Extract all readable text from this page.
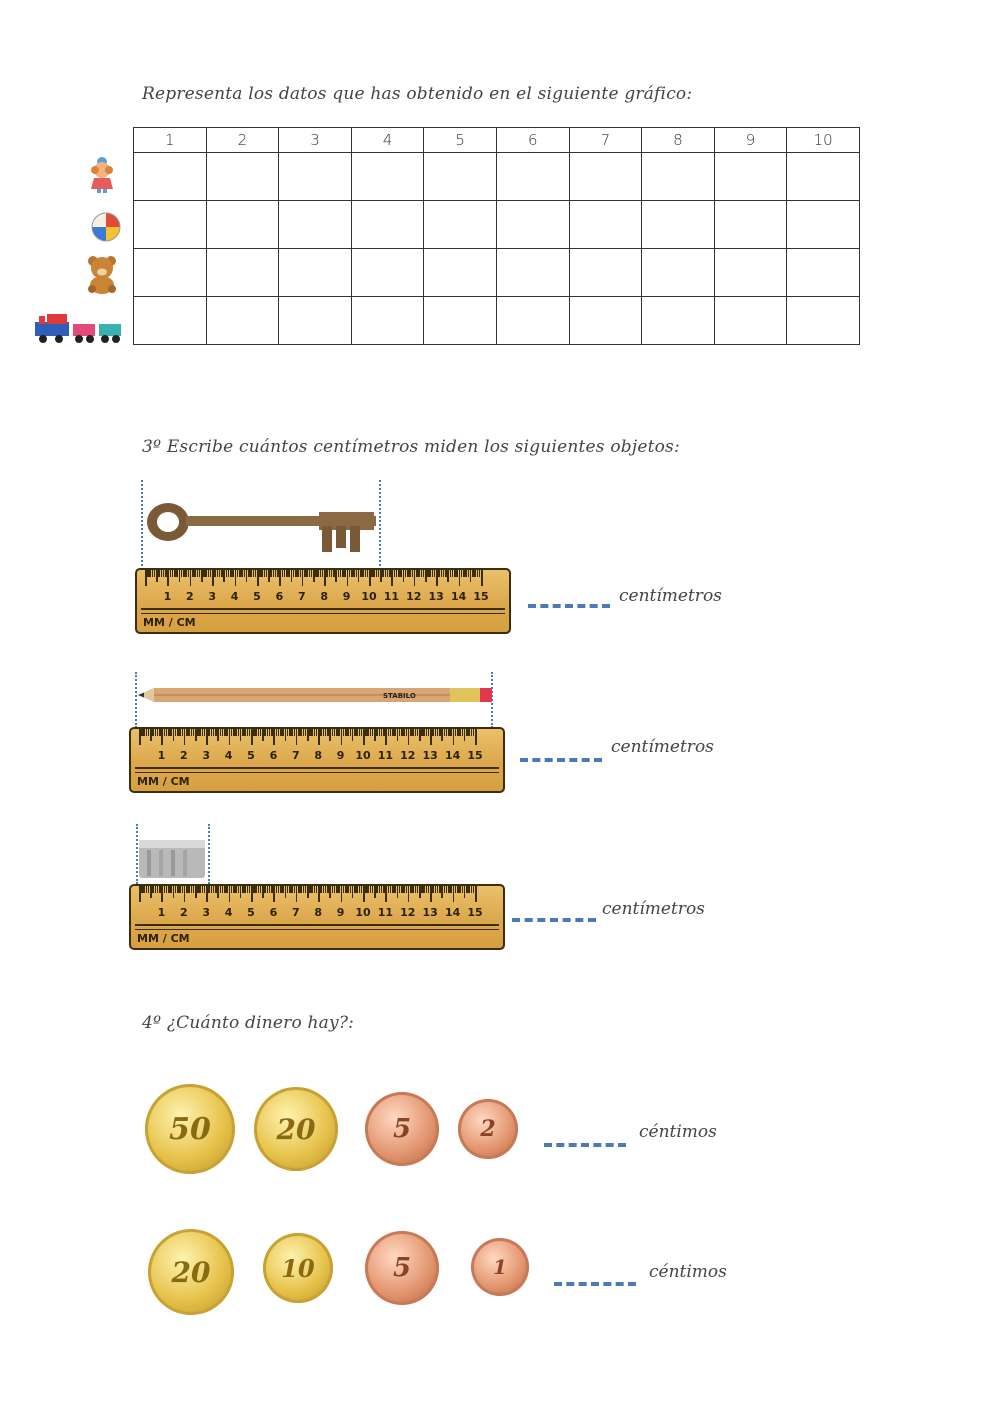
Representa los datos que has obtenido en el siguiente gráfico:
1	2	3	4	5	6	7	8	9	10

3º Escribe cuántos centímetros miden los siguientes objetos:
1 2 3 4 5 6 7 8 9 10 11 12 13 14 15
MM / CM
centímetros
STABILO
1 2 3 4 5 6 7 8 9 10 11 12 13 14 15
MM / CM
centímetros
1 2 3 4 5 6 7 8 9 10 11 12 13 14 15
MM / CM
centímetros
4º ¿Cuánto dinero hay?:
50	20	5	2	céntimos
20	10	5	1	céntimos
